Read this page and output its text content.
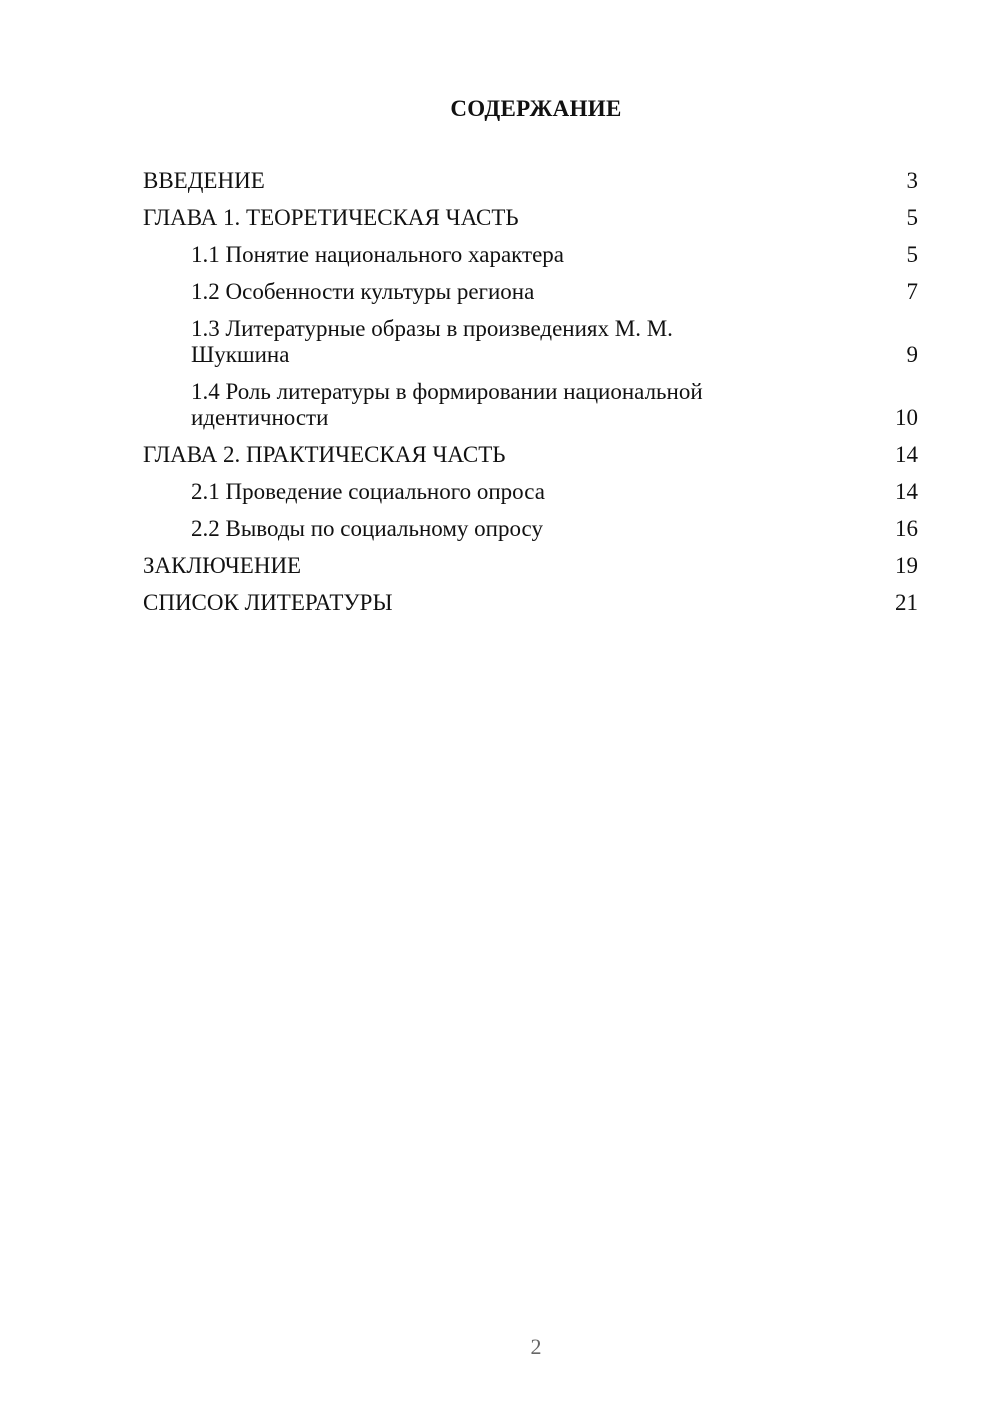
СОДЕРЖАНИЕ
ВВЕДЕНИЕ	3
ГЛАВА 1. ТЕОРЕТИЧЕСКАЯ ЧАСТЬ	5
1.1 Понятие национального характера	5
1.2 Особенности культуры региона	7
1.3 Литературные образы в произведениях М. М. Шукшина	9
1.4 Роль литературы в формировании национальной идентичности	10
ГЛАВА 2. ПРАКТИЧЕСКАЯ ЧАСТЬ	14
2.1 Проведение социального опроса	14
2.2 Выводы по социальному опросу	16
ЗАКЛЮЧЕНИЕ	19
СПИСОК ЛИТЕРАТУРЫ	21
2
